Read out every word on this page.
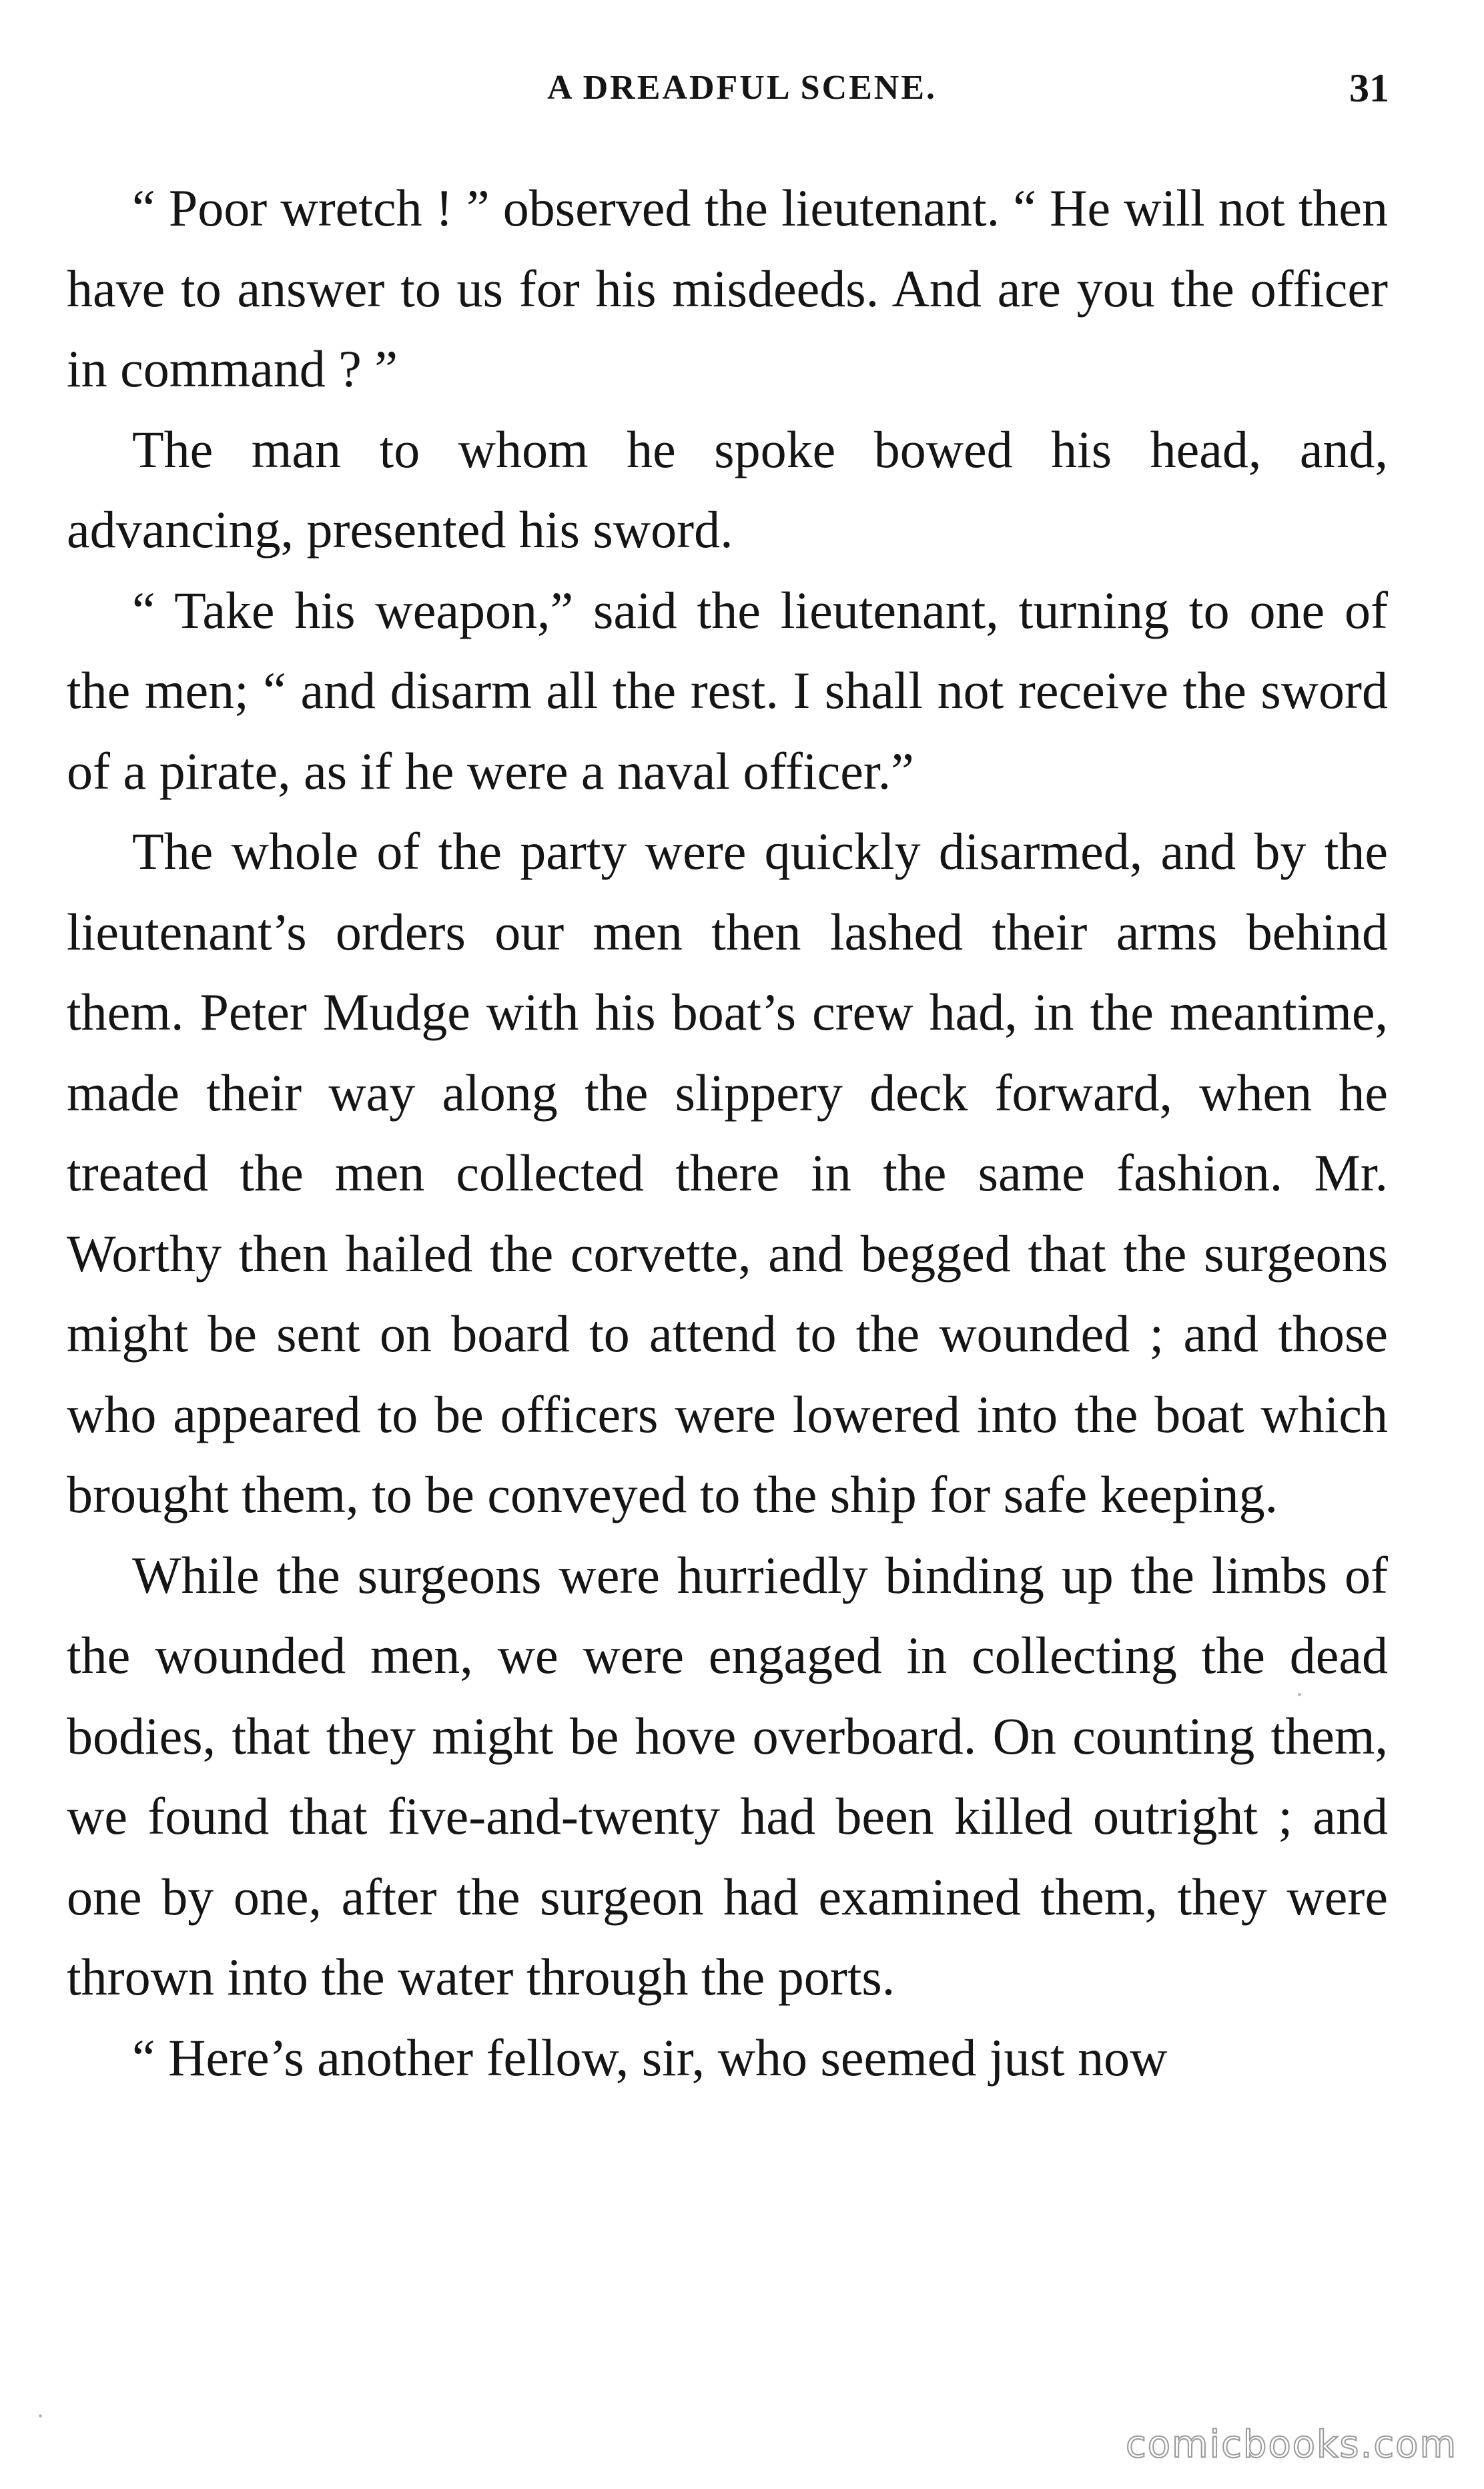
A DREADFUL SCENE.	31

“ Poor wretch ! ” observed the lieutenant. “ He will not then have to answer to us for his misdeeds. And are you the officer in command ? ”

The man to whom he spoke bowed his head, and, advancing, presented his sword.

“ Take his weapon,” said the lieutenant, turning to one of the men; “ and disarm all the rest. I shall not receive the sword of a pirate, as if he were a naval officer.”

The whole of the party were quickly disarmed, and by the lieutenant’s orders our men then lashed their arms behind them. Peter Mudge with his boat’s crew had, in the meantime, made their way along the slippery deck forward, when he treated the men collected there in the same fashion. Mr. Worthy then hailed the corvette, and begged that the surgeons might be sent on board to attend to the wounded ; and those who appeared to be officers were lowered into the boat which brought them, to be conveyed to the ship for safe keeping.

While the surgeons were hurriedly binding up the limbs of the wounded men, we were engaged in collecting the dead bodies, that they might be hove overboard. On counting them, we found that five-and-twenty had been killed outright ; and one by one, after the surgeon had examined them, they were thrown into the water through the ports.

“ Here’s another fellow, sir, who seemed just now

comicbooks.com
